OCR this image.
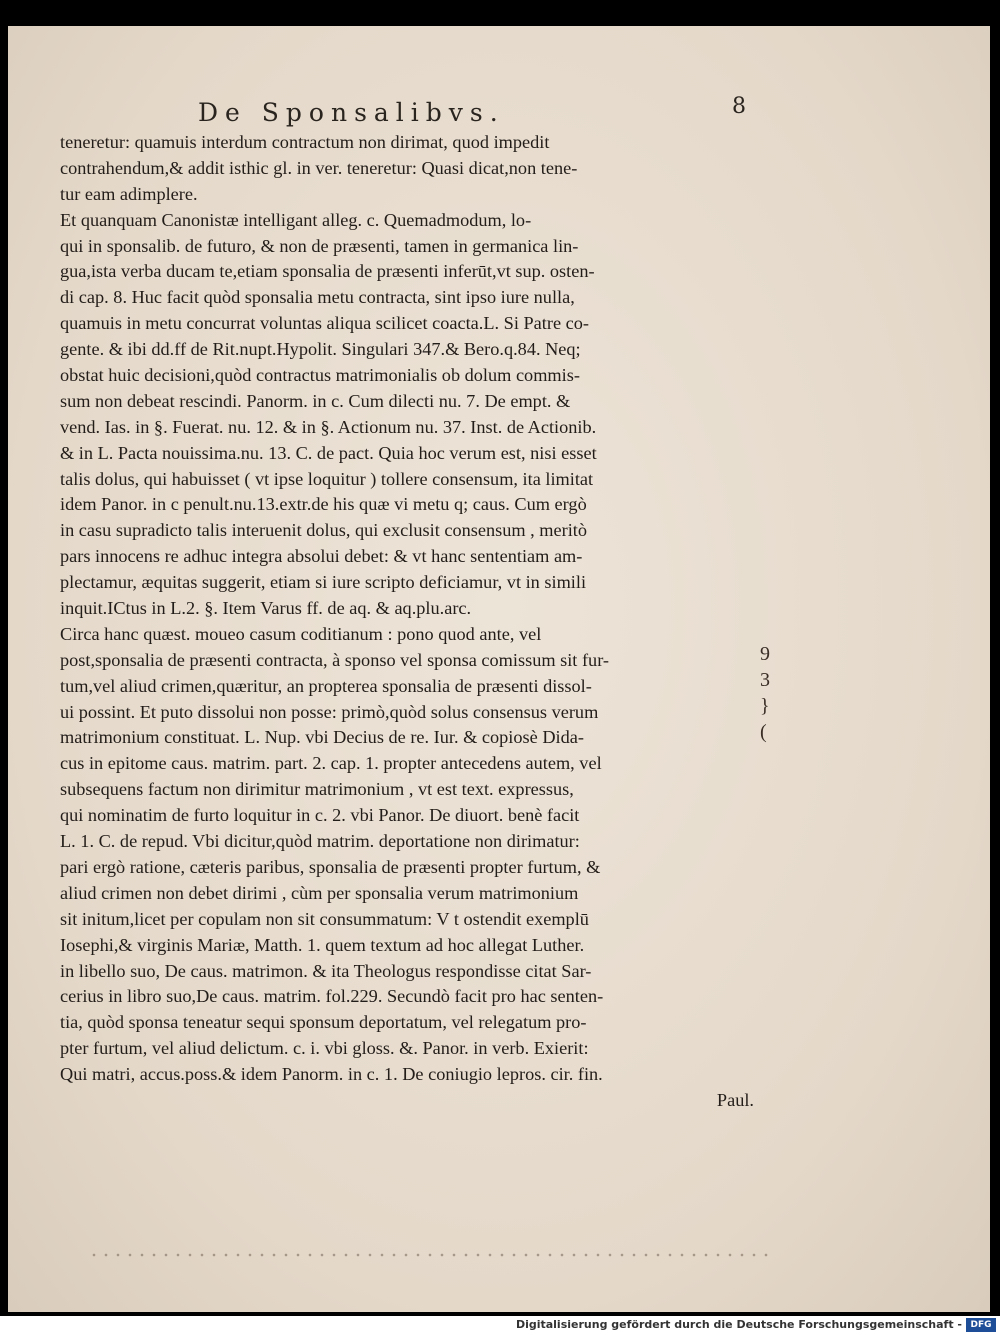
De Sponsalibvs.	8
teneretur: quamuis interdum contractum non dirimat, quod impedit
contrahendum,& addit isthic gl. in ver. teneretur: Quasi dicat,non tene-
tur eam adimplere.
Et quanquam Canonistæ intelligant alleg. c. Quemadmodum, lo-
qui in sponsalib. de futuro, & non de præsenti, tamen in germanica lin-
gua,ista verba ducam te,etiam sponsalia de præsenti inferūt,vt sup. osten-
di cap. 8. Huc facit quòd sponsalia metu contracta, sint ipso iure nulla,
quamuis in metu concurrat voluntas aliqua scilicet coacta.L. Si Patre co-
gente. & ibi dd.ff de Rit.nupt.Hypolit. Singulari 347.& Bero.q.84. Neq;
obstat huic decisioni,quòd contractus matrimonialis ob dolum commis-
sum non debeat rescindi. Panorm. in c. Cum dilecti nu. 7. De empt. &
vend. Ias. in §. Fuerat. nu. 12. & in §. Actionum nu. 37. Inst. de Actionib.
& in L. Pacta nouissima.nu. 13. C. de pact. Quia hoc verum est, nisi esset
talis dolus, qui habuisset ( vt ipse loquitur ) tollere consensum, ita limitat
idem Panor. in c penult.nu.13.extr.de his quæ vi metu q; caus. Cum ergò
in casu supradicto talis interuenit dolus, qui exclusit consensum , meritò
pars innocens re adhuc integra absolui debet: & vt hanc sententiam am-
plectamur, æquitas suggerit, etiam si iure scripto deficiamur, vt in simili
inquit.ICtus in L.2. §. Item Varus ff. de aq. & aq.plu.arc.
Circa hanc quæst. moueo casum coditianum : pono quod ante, vel
post,sponsalia de præsenti contracta, à sponso vel sponsa comissum sit fur-
tum,vel aliud crimen,quæritur, an propterea sponsalia de præsenti dissol-
ui possint. Et puto dissolui non posse: primò,quòd solus consensus verum
matrimonium constituat. L. Nup. vbi Decius de re. Iur. & copiosè Dida-
cus in epitome caus. matrim. part. 2. cap. 1. propter antecedens autem, vel
subsequens factum non dirimitur matrimonium , vt est text. expressus,
qui nominatim de furto loquitur in c. 2. vbi Panor. De diuort. benè facit
L. 1. C. de repud. Vbi dicitur,quòd matrim. deportatione non dirimatur:
pari ergò ratione, cæteris paribus, sponsalia de præsenti propter furtum, &
aliud crimen non debet dirimi , cùm per sponsalia verum matrimonium
sit initum,licet per copulam non sit consummatum: V t ostendit exemplū
Iosephi,& virginis Mariæ, Matth. 1. quem textum ad hoc allegat Luther.
in libello suo, De caus. matrimon. & ita Theologus respondisse citat Sar-
cerius in libro suo,De caus. matrim. fol.229. Secundò facit pro hac senten-
tia, quòd sponsa teneatur sequi sponsum deportatum, vel relegatum pro-
pter furtum, vel aliud delictum. c. i. vbi gloss. &. Panor. in verb. Exierit:
Qui matri, accus.poss.& idem Panorm. in c. 1. De coniugio lepros. cir. fin.
Paul.
9
3
}
(
Digitalisierung gefördert durch die Deutsche Forschungsgemeinschaft - DFG
